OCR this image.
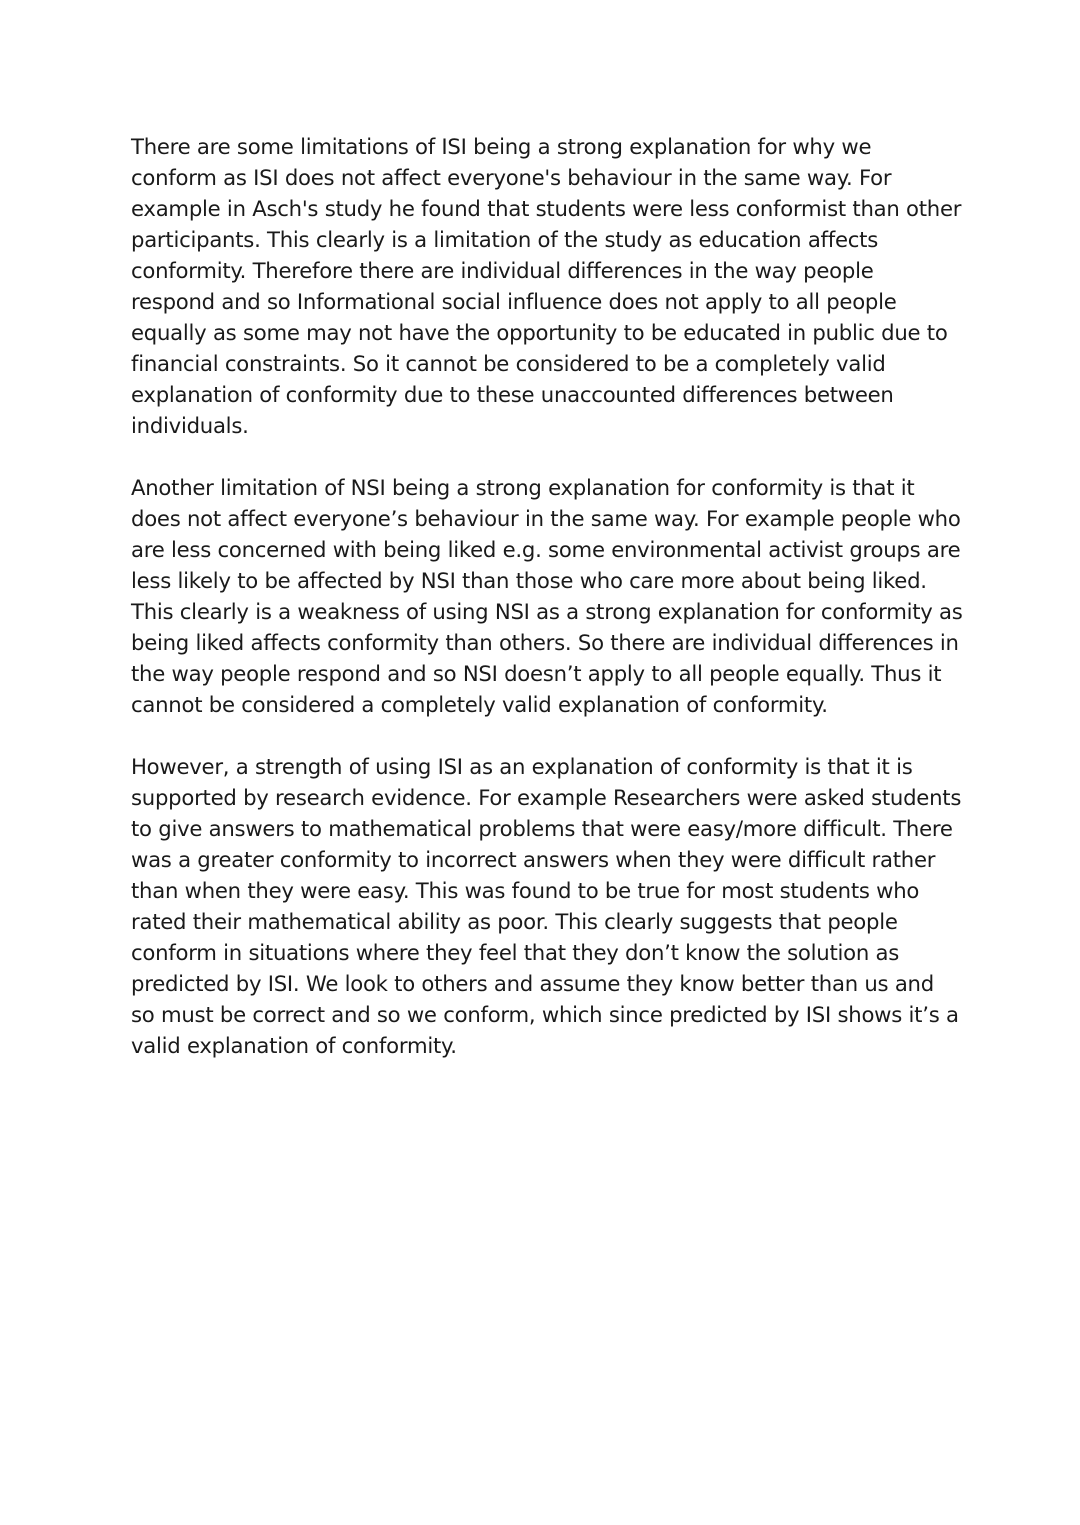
There are some limitations of ISI being a strong explanation for why we
conform as ISI does not affect everyone's behaviour in the same way. For
example in Asch's study he found that students were less conformist than other
participants. This clearly is a limitation of the study as education affects
conformity. Therefore there are individual differences in the way people
respond and so Informational social influence does not apply to all people
equally as some may not have the opportunity to be educated in public due to
financial constraints. So it cannot be considered to be a completely valid
explanation of conformity due to these unaccounted differences between
individuals.
Another limitation of NSI being a strong explanation for conformity is that it
does not affect everyone’s behaviour in the same way. For example people who
are less concerned with being liked e.g. some environmental activist groups are
less likely to be affected by NSI than those who care more about being liked.
This clearly is a weakness of using NSI as a strong explanation for conformity as
being liked affects conformity than others. So there are individual differences in
the way people respond and so NSI doesn’t apply to all people equally. Thus it
cannot be considered a completely valid explanation of conformity.
However, a strength of using ISI as an explanation of conformity is that it is
supported by research evidence. For example Researchers were asked students
to give answers to mathematical problems that were easy/more difficult. There
was a greater conformity to incorrect answers when they were difficult rather
than when they were easy. This was found to be true for most students who
rated their mathematical ability as poor. This clearly suggests that people
conform in situations where they feel that they don’t know the solution as
predicted by ISI. We look to others and assume they know better than us and
so must be correct and so we conform, which since predicted by ISI shows it’s a
valid explanation of conformity.
